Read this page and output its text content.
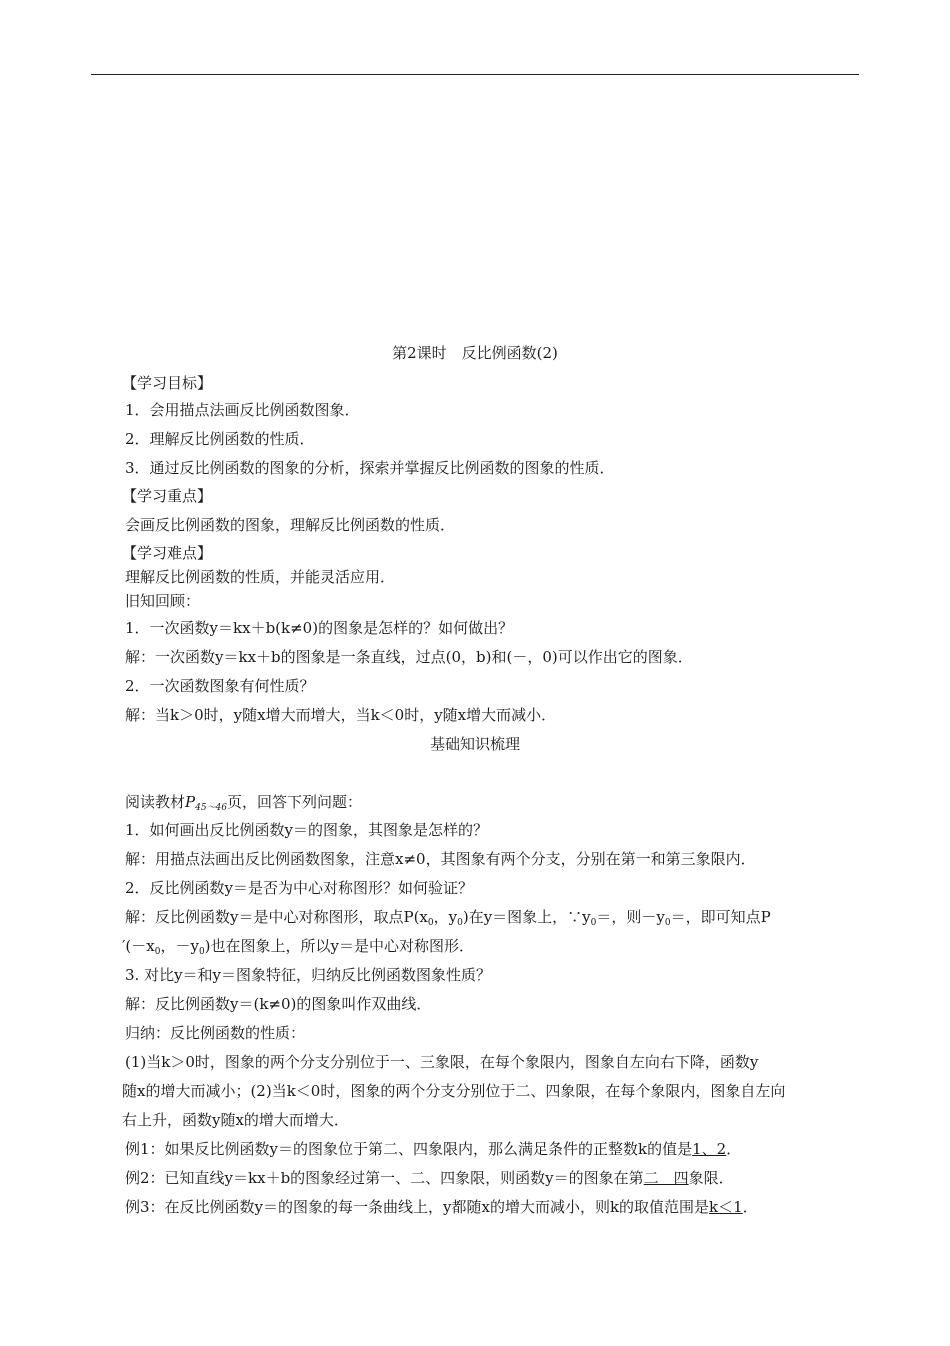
第2课时　反比例函数(2)
【学习目标】
1．会用描点法画反比例函数图象．
2．理解反比例函数的性质．
3．通过反比例函数的图象的分析，探索并掌握反比例函数的图象的性质．
【学习重点】
会画反比例函数的图象，理解反比例函数的性质．
【学习难点】
理解反比例函数的性质，并能灵活应用．
旧知回顾：
1．一次函数y＝kx＋b(k≠0)的图象是怎样的？如何做出？
解：一次函数y＝kx＋b的图象是一条直线，过点(0，b)和(－，0)可以作出它的图象．
2．一次函数图象有何性质？
解：当k＞0时，y随x增大而增大，当k＜0时，y随x增大而减小．
基础知识梳理
阅读教材$P_{45\sim 46}$页，回答下列问题：
1．如何画出反比例函数y＝的图象，其图象是怎样的？
解：用描点法画出反比例函数图象，注意x≠0，其图象有两个分支，分别在第一和第三象限内．
2．反比例函数y＝是否为中心对称图形？如何验证？
解：反比例函数y＝是中心对称图形，取点$P(x_0$，$y_0$)在y＝图象上，$\because y_0=$，则$-y_0=$，即可知点P
$'(-x_0$，$-y_0$)也在图象上，所以y＝是中心对称图形．
3. 对比y＝和y＝图象特征，归纳反比例函数图象性质？
解：反比例函数y＝(k≠0)的图象叫作双曲线．
归纳：反比例函数的性质：
(1)当k＞0时，图象的两个分支分别位于一、三象限，在每个象限内，图象自左向右下降，函数y
随x的增大而减小；(2)当k＜0时，图象的两个分支分别位于二、四象限，在每个象限内，图象自左向
右上升，函数y随x的增大而增大．
例1：如果反比例函数y＝的图象位于第二、四象限内，那么满足条件的正整数k的值是1、2．
例2：已知直线y＝kx＋b的图象经过第一、二、四象限，则函数y＝的图象在第二　四象限．
例3：在反比例函数y＝的图象的每一条曲线上，y都随x的增大而减小，则k的取值范围是k＜1．
